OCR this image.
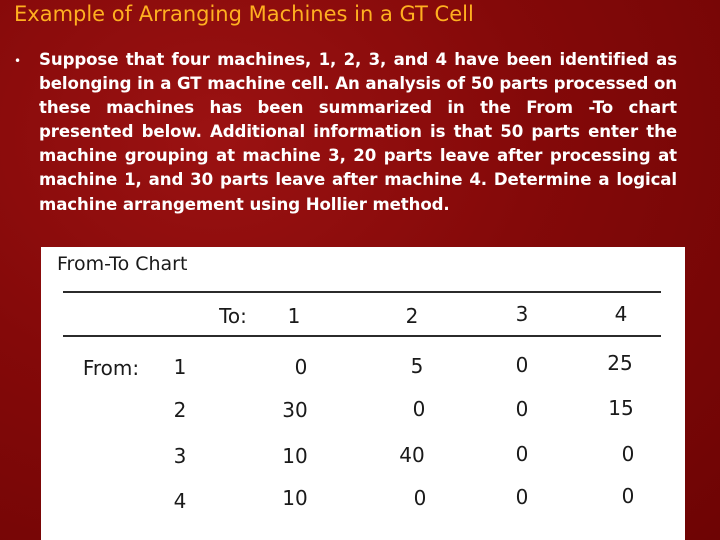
Example of Arranging Machines in a GT Cell
• Suppose that four machines, 1, 2, 3, and 4 have been identified as belonging in a GT machine cell. An analysis of 50 parts processed on these machines has been summarized in the From -To chart presented below. Additional information is that 50 parts enter the machine grouping at machine 3, 20 parts leave after processing at machine 1, and 30 parts leave after machine 4. Determine a logical machine arrangement using Hollier method.

From-To Chart
To: 1	2	3	4
From: 1	0	5	0	25
2	30	0	0	15
3	10	40	0	0
4	10	0	0	0
